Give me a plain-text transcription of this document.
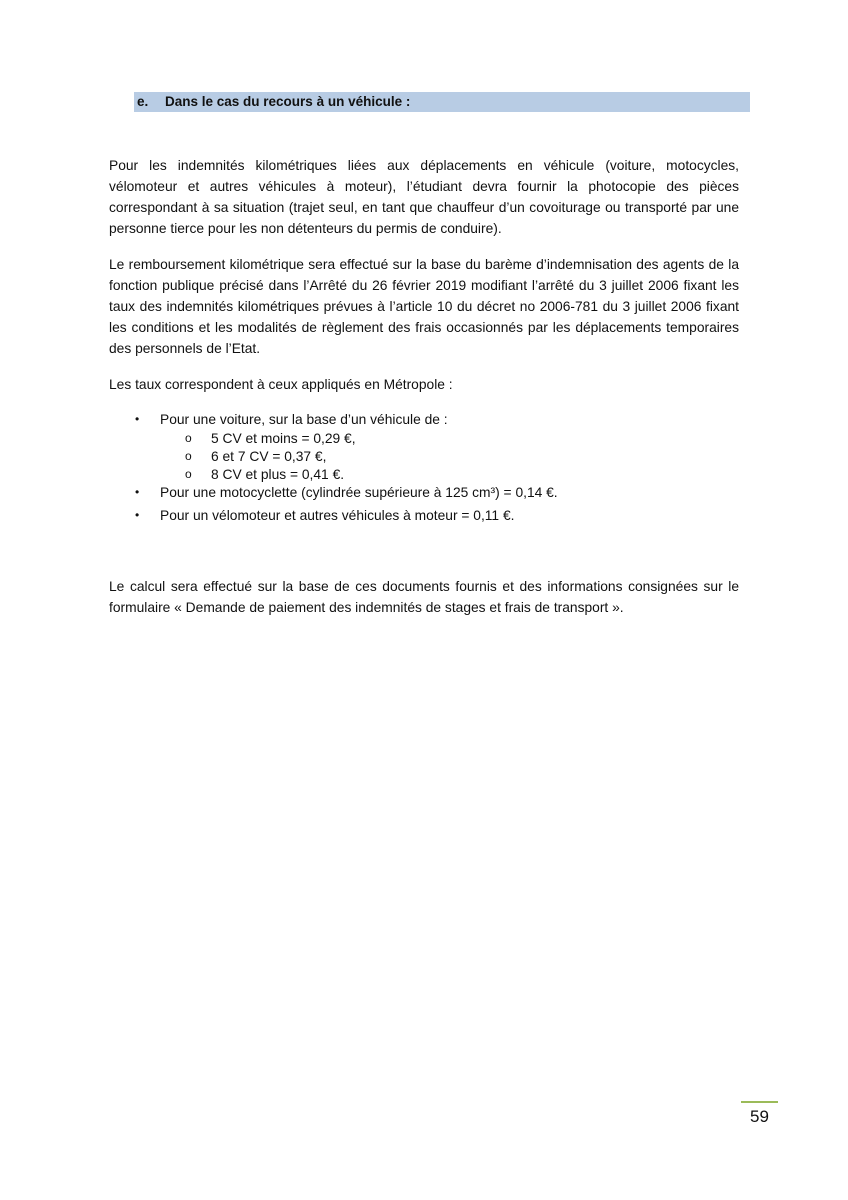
e. Dans le cas du recours à un véhicule :

Pour les indemnités kilométriques liées aux déplacements en véhicule (voiture, motocycles, vélomoteur et autres véhicules à moteur), l’étudiant devra fournir la photocopie des pièces correspondant à sa situation (trajet seul, en tant que chauffeur d’un covoiturage ou transporté par une personne tierce pour les non détenteurs du permis de conduire).

Le remboursement kilométrique sera effectué sur la base du barème d’indemnisation des agents de la fonction publique précisé dans l’Arrêté du 26 février 2019 modifiant l’arrêté du 3 juillet 2006 fixant les taux des indemnités kilométriques prévues à l’article 10 du décret no 2006-781 du 3 juillet 2006 fixant les conditions et les modalités de règlement des frais occasionnés par les déplacements temporaires des personnels de l’Etat.

Les taux correspondent à ceux appliqués en Métropole :

• Pour une voiture, sur la base d’un véhicule de :
o 5 CV et moins = 0,29 €,
o 6 et 7 CV = 0,37 €,
o 8 CV et plus = 0,41 €.
• Pour une motocyclette (cylindrée supérieure à 125 cm³) = 0,14 €.
• Pour un vélomoteur et autres véhicules à moteur = 0,11 €.

Le calcul sera effectué sur la base de ces documents fournis et des informations consignées sur le formulaire « Demande de paiement des indemnités de stages et frais de transport ».

59
